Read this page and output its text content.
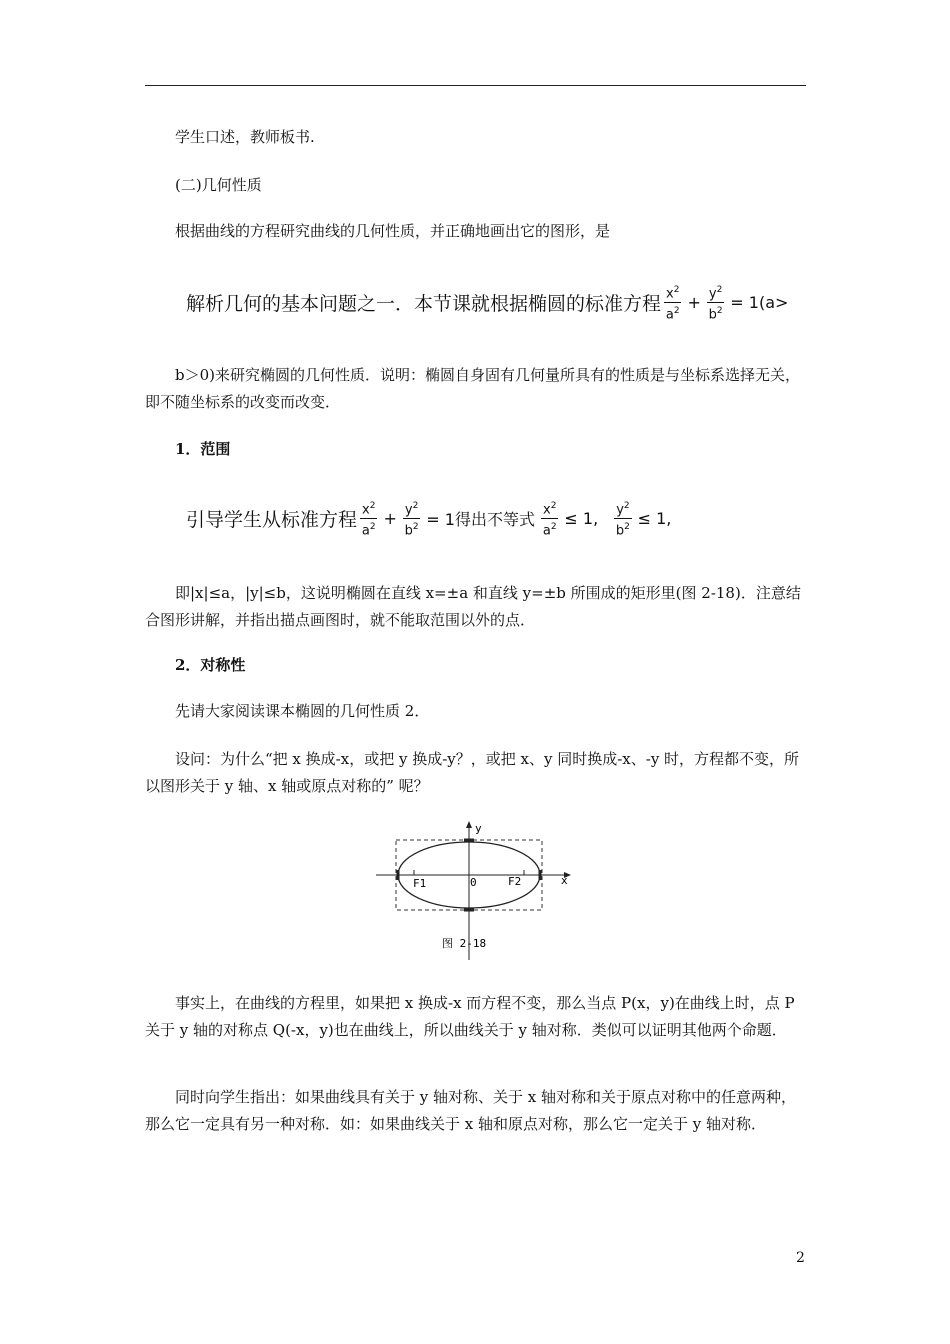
学生口述，教师板书.

(二)几何性质

根据曲线的方程研究曲线的几何性质，并正确地画出它的图形，是

解析几何的基本问题之一．本节课就根据椭圆的标准方程 $\frac{x^2}{a^2} + \frac{y^2}{b^2} = 1(a>$

b＞0)来研究椭圆的几何性质．说明：椭圆自身固有几何量所具有的性质是与坐标系选择无关，即不随坐标系的改变而改变．

1．范围

引导学生从标准方程 $\frac{x^2}{a^2} + \frac{y^2}{b^2} = 1$得出不等式 $\frac{x^2}{a^2} \le 1$, $\frac{y^2}{b^2} \le 1$,

即|x|≤a，|y|≤b，这说明椭圆在直线 x=±a 和直线 y=±b 所围成的矩形里(图 2-18)．注意结合图形讲解，并指出描点画图时，就不能取范围以外的点．

2．对称性

先请大家阅读课本椭圆的几何性质 2．

设问：为什么“把 x 换成-x，或把 y 换成-y？，或把 x、y 同时换成-x、-y 时，方程都不变，所以图形关于 y 轴、x 轴或原点对称的” 呢？

y
x
0
F1	F2
图 2-18

事实上，在曲线的方程里，如果把 x 换成-x 而方程不变，那么当点 P(x，y)在曲线上时，点 P 关于 y 轴的对称点 Q(-x，y)也在曲线上，所以曲线关于 y 轴对称．类似可以证明其他两个命题．

同时向学生指出：如果曲线具有关于 y 轴对称、关于 x 轴对称和关于原点对称中的任意两种，那么它一定具有另一种对称．如：如果曲线关于 x 轴和原点对称，那么它一定关于 y 轴对称．

2
